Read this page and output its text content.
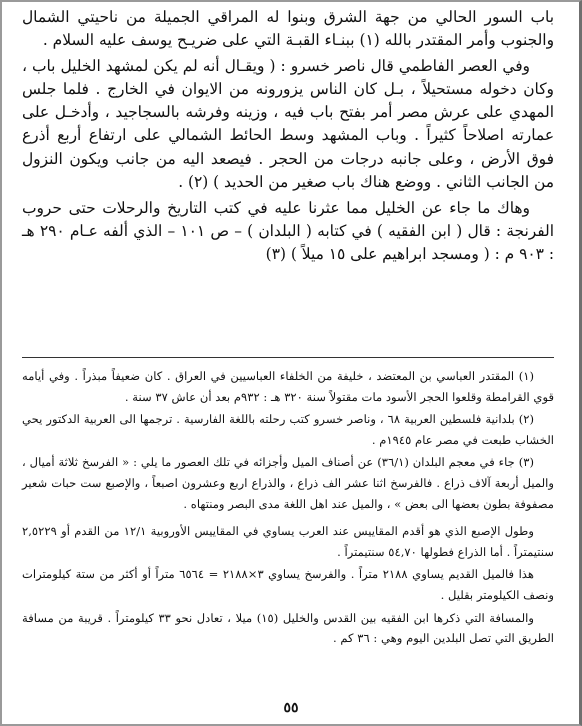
باب السور الحالي من جهة الشرق وبنوا له المراقي الجميلة من ناحيتي الشمال والجنوب وأمر المقتدر بالله (١) ببنـاء القبـة التي على ضريـح يوسف عليه السلام .

وفي العصر الفاطمي قال ناصر خسرو : ( ويقـال أنه لم يكن لمشهد الخليل باب ، وكان دخوله مستحيلاً ، بـل كان الناس يزورونه من الايوان في الخارج . فلما جلس المهدي على عرش مصر أمر بفتح باب فيه ، وزينه وفرشه بالسجاجيد ، وأدخـل على عمارته اصلاحاً كثيراً . وباب المشهد وسط الحائط الشمالي على ارتفاع أربع أذرع فوق الأرض ، وعلى جانبه درجات من الحجر . فيصعد اليه من جانب ويكون النزول من الجانب الثاني . ووضع هناك باب صغير من الحديد ) (٢) .

وهاك ما جاء عن الخليل مما عثرنا عليه في كتب التاريخ والرحلات حتى حروب الفرنجة : قال ( ابن الفقيه ) في كتابه ( البلدان ) – ص ١٠١ – الذي ألفه عـام ٢٩٠ هـ : ٩٠٣ م : ( ومسجد ابراهيم على ١٥ ميلاً ) (٣)

(١) المقتدر العباسي بن المعتضد ، خليفة من الخلفاء العباسيين في العراق . كان ضعيفاً مبذراً . وفي أيامه قوي القرامطة وقلعوا الحجر الأسود مات مقتولاً سنة ٣٢٠ هـ : ٩٣٢م بعد أن عاش ٣٧ سنة .

(٢) بلدانية فلسطين العربية ٦٨ ، وناصر خسرو كتب رحلته باللغة الفارسية . ترجمها الى العربية الدكتور يحي الخشاب طبعت في مصر عام ١٩٤٥م .

(٣) جاء في معجم البلدان (٣٦/١) عن أصناف الميل وأجزائه في تلك العصور ما يلي : « الفرسخ ثلاثة أميال ، والميل أربعة آلاف ذراع . فالفرسخ اثنا عشر الف ذراع ، والذراع اربع وعشرون اصبعاً ، والإصبع ست حبات شعير مصفوفة بطون بعضها الى بعض » ، والميل عند اهل اللغة مدى البصر ومنتهاه .

وطول الإصبع الذي هو أقدم المقاييس عند العرب يساوي في المقاييس الأوروبية ١٢/١ من القدم أو ٢,٥٢٢٩ سنتيمتراً . أما الذراع فطولها ٥٤,٧٠ سنتيمتراً .

هذا فالميل القديم يساوي ٢١٨٨ متراً . والفرسخ يساوي ٣×٢١٨٨ = ٦٥٦٤ متراً أو أكثر من ستة كيلومترات ونصف الكيلومتر بقليل .

والمسافة التي ذكرها ابن الفقيه بين القدس والخليل (١٥) ميلا ، تعادل نحو ٣٣ كيلومتراً . قريبة من مسافة الطريق التي تصل البلدين اليوم وهي : ٣٦ كم .

٥٥
